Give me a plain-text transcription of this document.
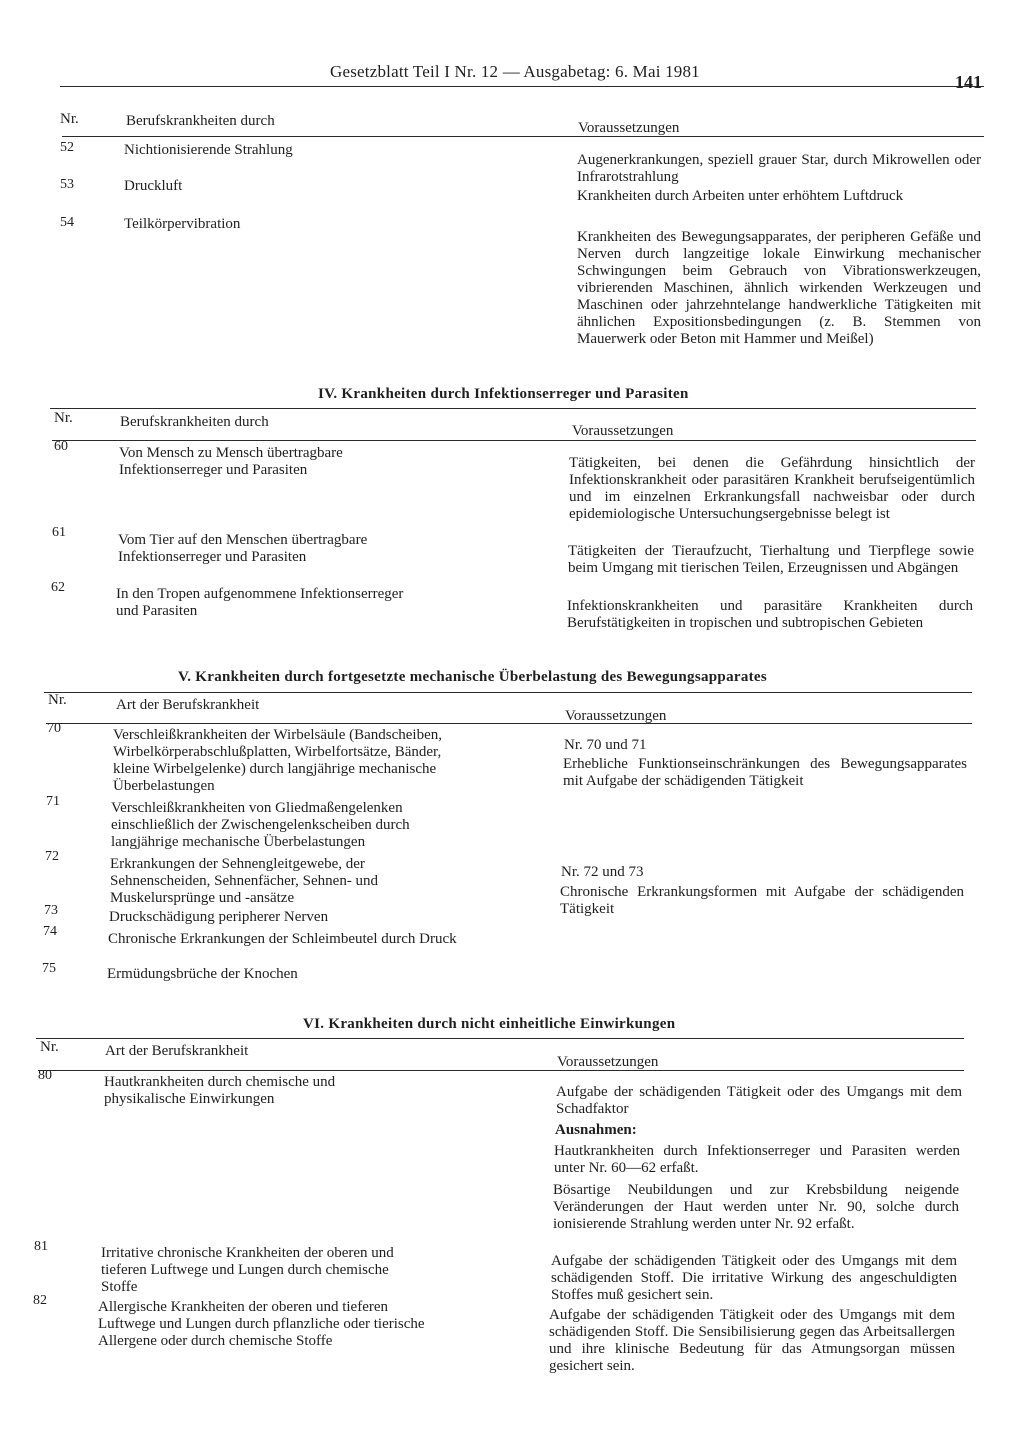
Gesetzblatt Teil I Nr. 12 — Ausgabetag: 6. Mai 1981
141
Nr.	Berufskrankheiten durch	Voraussetzungen
52	Nichtionisierende Strahlung
Augenerkrankungen, speziell grauer Star, durch Mikrowellen oder Infrarotstrahlung
53	Druckluft
Krankheiten durch Arbeiten unter erhöhtem Luftdruck
54	Teilkörpervibration
Krankheiten des Bewegungsapparates, der peripheren Gefäße und Nerven durch langzeitige lokale Einwirkung mechanischer Schwingungen beim Gebrauch von Vibrationswerkzeugen, vibrierenden Maschinen, ähnlich wirkenden Werkzeugen und Maschinen oder jahrzehntelange handwerkliche Tätigkeiten mit ähnlichen Expositionsbedingungen (z. B. Stemmen von Mauerwerk oder Beton mit Hammer und Meißel)
IV. Krankheiten durch Infektionserreger und Parasiten
Nr.	Berufskrankheiten durch
Voraussetzungen
60	Von Mensch zu Mensch übertragbare Infektionserreger und Parasiten	Tätigkeiten, bei denen die Gefährdung hinsichtlich der Infektionskrankheit oder parasitären Krankheit berufseigentümlich und im einzelnen Erkrankungsfall nachweisbar oder durch epidemiologische Untersuchungsergebnisse belegt ist
61	Vom Tier auf den Menschen übertragbare Infektionserreger und Parasiten	Tätigkeiten der Tieraufzucht, Tierhaltung und Tierpflege sowie beim Umgang mit tierischen Teilen, Erzeugnissen und Abgängen
62	In den Tropen aufgenommene Infektionserreger und Parasiten	Infektionskrankheiten und parasitäre Krankheiten durch Berufstätigkeiten in tropischen und subtropischen Gebieten
V. Krankheiten durch fortgesetzte mechanische Überbelastung des Bewegungsapparates
Nr.	Art der Berufskrankheit
Voraussetzungen
70	Verschleißkrankheiten der Wirbelsäule (Bandscheiben, Wirbelkörperabschlußplatten, Wirbelfortsätze, Bänder, kleine Wirbelgelenke) durch langjährige mechanische Überbelastungen
71	Verschleißkrankheiten von Gliedmaßengelenken einschließlich der Zwischengelenkscheiben durch langjährige mechanische Überbelastungen
72	Erkrankungen der Sehnengleitgewebe, der Sehnenscheiden, Sehnenfächer, Sehnen- und Muskelursprünge und -ansätze
73	Druckschädigung peripherer Nerven
74	Chronische Erkrankungen der Schleimbeutel durch Druck
75	Ermüdungsbrüche der Knochen
Nr. 70 und 71
Erhebliche Funktionseinschränkungen des Bewegungsapparates mit Aufgabe der schädigenden Tätigkeit
Nr. 72 und 73
Chronische Erkrankungsformen mit Aufgabe der schädigenden Tätigkeit
VI. Krankheiten durch nicht einheitliche Einwirkungen
Nr.	Art der Berufskrankheit
Voraussetzungen
80	Hautkrankheiten durch chemische und physikalische Einwirkungen	Aufgabe der schädigenden Tätigkeit oder des Umgangs mit dem Schadfaktor
Ausnahmen:
Hautkrankheiten durch Infektionserreger und Parasiten werden unter Nr. 60—62 erfaßt.
Bösartige Neubildungen und zur Krebsbildung neigende Veränderungen der Haut werden unter Nr. 90, solche durch ionisierende Strahlung werden unter Nr. 92 erfaßt.
81	Irritative chronische Krankheiten der oberen und tieferen Luftwege und Lungen durch chemische Stoffe
Aufgabe der schädigenden Tätigkeit oder des Umgangs mit dem schädigenden Stoff. Die irritative Wirkung des angeschuldigten Stoffes muß gesichert sein.
82	Allergische Krankheiten der oberen und tieferen Luftwege und Lungen durch pflanzliche oder tierische Allergene oder durch chemische Stoffe
Aufgabe der schädigenden Tätigkeit oder des Umgangs mit dem schädigenden Stoff. Die Sensibilisierung gegen das Arbeitsallergen und ihre klinische Bedeutung für das Atmungsorgan müssen gesichert sein.
